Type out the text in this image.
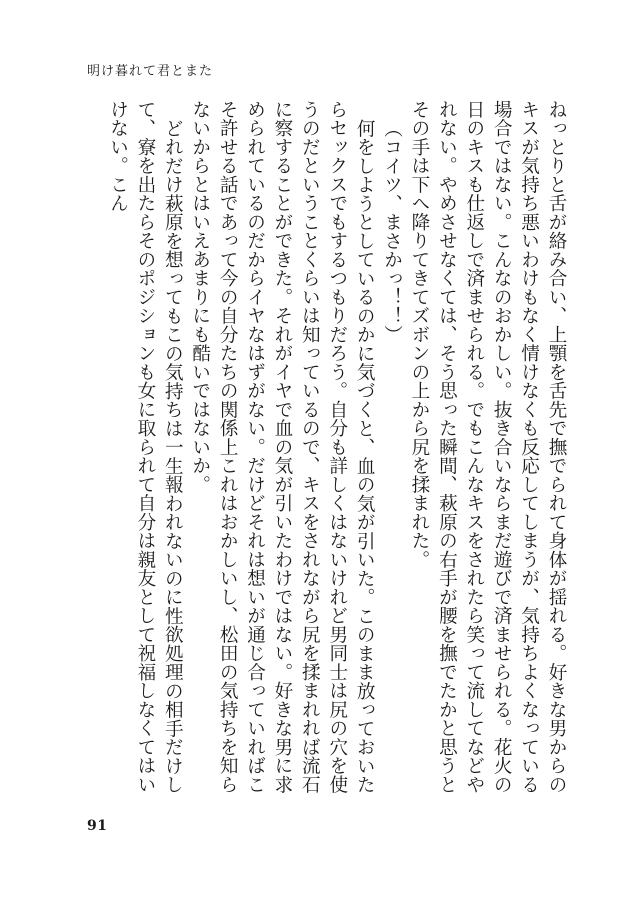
明け暮れて君とまた

ねっとりと舌が絡み合い、上顎を舌先で撫でられて身体が揺れる。好きな男からのキスが気持ち悪いわけもなく情けなくも反応してしまうが、気持ちよくなっている場合ではない。こんなのおかしい。抜き合いならまだ遊びで済ませられる。花火の日のキスも仕返しで済ませられる。でもこんなキスをされたら笑って流してなどやれない。やめさせなくては、そう思った瞬間、萩原の右手が腰を撫でたかと思うとその手は下へ降りてきてズボンの上から尻を揉まれた。

（コイツ、まさかっ！！）

何をしようとしているのかに気づくと、血の気が引いた。このまま放っておいたらセックスでもするつもりだろう。自分も詳しくはないけれど男同士は尻の穴を使うのだということくらいは知っているので、キスをされながら尻を揉まれれば流石に察することができた。それがイヤで血の気が引いたわけではない。好きな男に求められているのだからイヤなはずがない。だけどそれは想いが通じ合っていればこそ許せる話であって今の自分たちの関係上これはおかしいし、松田の気持ちを知らないからとはいえあまりにも酷いではないか。

どれだけ萩原を想ってもこの気持ちは一生報われないのに性欲処理の相手だけして、寮を出たらそのポジションも女に取られて自分は親友として祝福しなくてはいけない。こん

91
